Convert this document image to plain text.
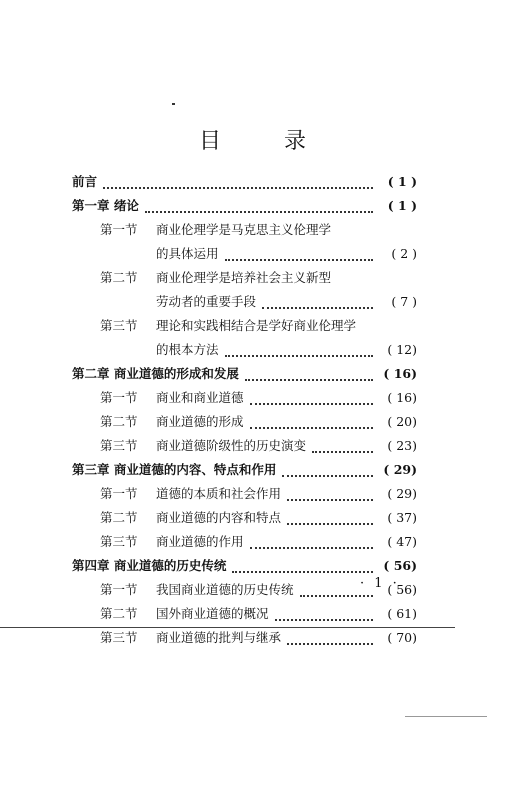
目 录
前言	( 1 )
第一章 绪论	( 1 )
第一节 商业伦理学是马克思主义伦理学
的具体运用	( 2 )
第二节 商业伦理学是培养社会主义新型
劳动者的重要手段	( 7 )
第三节 理论和实践相结合是学好商业伦理学
的根本方法	( 12)
第二章 商业道德的形成和发展	( 16)
第一节 商业和商业道德	( 16)
第二节 商业道德的形成	( 20)
第三节 商业道德阶级性的历史演变	( 23)
第三章 商业道德的内容、特点和作用	( 29)
第一节 道德的本质和社会作用	( 29)
第二节 商业道德的内容和特点	( 37)
第三节 商业道德的作用	( 47)
第四章 商业道德的历史传统	( 56)
第一节 我国商业道德的历史传统	( 56)
第二节 国外商业道德的概况	( 61)
第三节 商业道德的批判与继承	( 70)
· 1 ·
